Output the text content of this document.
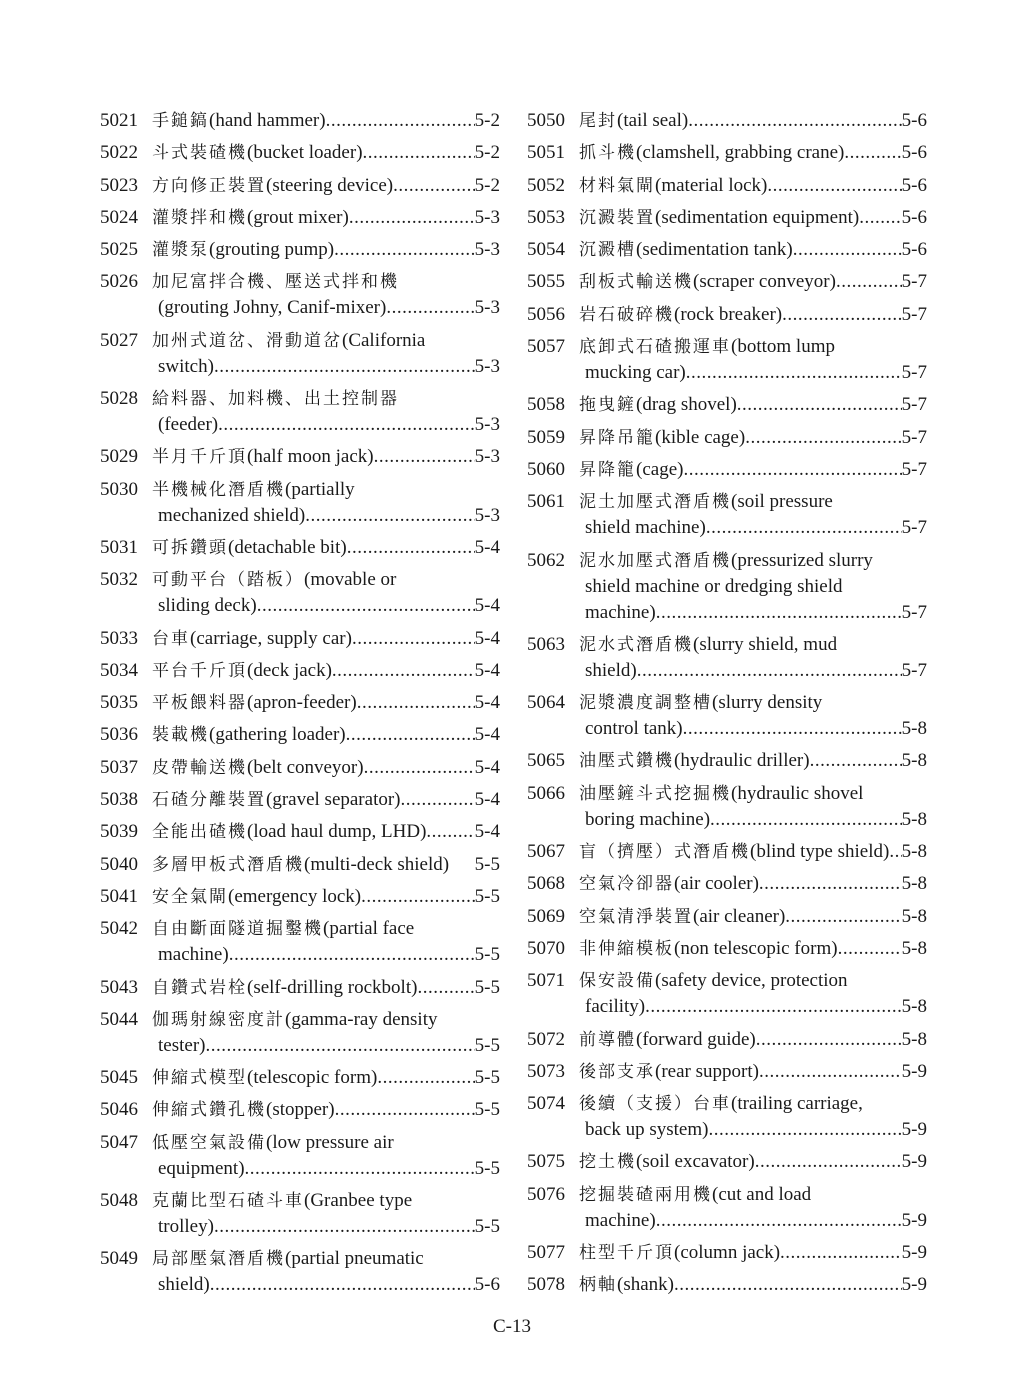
5021 手鎚鎬(hand hammer) .....	5-2
5022 斗式裝碴機(bucket loader) .....	5-2
5023 方向修正裝置(steering device) .....	5-2
5024 灌漿拌和機(grout mixer) .....	5-3
5025 灌漿泵(grouting pump) .....	5-3
5026 加尼富拌合機、壓送式拌和機
(grouting Johny, Canif-mixer) .....	5-3
5027 加州式道岔、滑動道岔(California
switch) .....	5-3
5028 給料器、加料機、出土控制器
(feeder) .....	5-3
5029 半月千斤頂(half moon jack) .....	5-3
5030 半機械化潛盾機(partially
mechanized shield) .....	5-3
5031 可拆鑽頭(detachable bit) .....	5-4
5032 可動平台（踏板）(movable or
sliding deck) .....	5-4
5033 台車(carriage, supply car) .....	5-4
5034 平台千斤頂(deck jack) .....	5-4
5035 平板餵料器(apron-feeder) .....	5-4
5036 裝載機(gathering loader) .....	5-4
5037 皮帶輸送機(belt conveyor) .....	5-4
5038 石碴分離裝置(gravel separator) .....	5-4
5039 全能出碴機(load haul dump, LHD) .....	5-4
5040 多層甲板式潛盾機(multi-deck shield) 5-5
5041 安全氣閘(emergency lock) .....	5-5
5042 自由斷面隧道掘鑿機(partial face
machine) .....	5-5
5043 自鑽式岩栓(self-drilling rockbolt) .....	5-5
5044 伽瑪射線密度計(gamma-ray density
tester) .....	5-5
5045 伸縮式模型(telescopic form) .....	5-5
5046 伸縮式鑽孔機(stopper) .....	5-5
5047 低壓空氣設備(low pressure air
equipment) .....	5-5
5048 克蘭比型石碴斗車(Granbee type
trolley) .....	5-5
5049 局部壓氣潛盾機(partial pneumatic
shield) .....	5-6
5050 尾封(tail seal) .....	5-6
5051 抓斗機(clamshell, grabbing crane) .....	5-6
5052 材料氣閘(material lock) .....	5-6
5053 沉澱裝置(sedimentation equipment) ..... 5-6
5054 沉澱槽(sedimentation tank) .....	5-6
5055 刮板式輸送機(scraper conveyor) .....	5-7
5056 岩石破碎機(rock breaker) .....	5-7
5057 底卸式石碴搬運車(bottom lump
mucking car) .....	5-7
5058 拖曳鏟(drag shovel) .....	5-7
5059 昇降吊籠(kible cage) .....	5-7
5060 昇降籠(cage) .....	5-7
5061 泥土加壓式潛盾機(soil pressure
shield machine) .....	5-7
5062 泥水加壓式潛盾機(pressurized slurry
shield machine or dredging shield
machine) .....	5-7
5063 泥水式潛盾機(slurry shield, mud
shield) .....	5-7
5064 泥漿濃度調整槽(slurry density
control tank) .....	5-8
5065 油壓式鑽機(hydraulic driller) .....	5-8
5066 油壓鏟斗式挖掘機(hydraulic shovel
boring machine) .....	5-8
5067 盲（擠壓）式潛盾機(blind type shield) ..... 5-8
5068 空氣冷卻器(air cooler) .....	5-8
5069 空氣清淨裝置(air cleaner) .....	5-8
5070 非伸縮模板(non telescopic form) .....	5-8
5071 保安設備(safety device, protection
facility) .....	5-8
5072 前導體(forward guide) .....	5-8
5073 後部支承(rear support) .....	5-9
5074 後續（支援）台車(trailing carriage,
back up system) .....	5-9
5075 挖土機(soil excavator) .....	5-9
5076 挖掘裝碴兩用機(cut and load
machine) .....	5-9
5077 柱型千斤頂(column jack) .....	5-9
5078 柄軸(shank) .....	5-9
C-13
